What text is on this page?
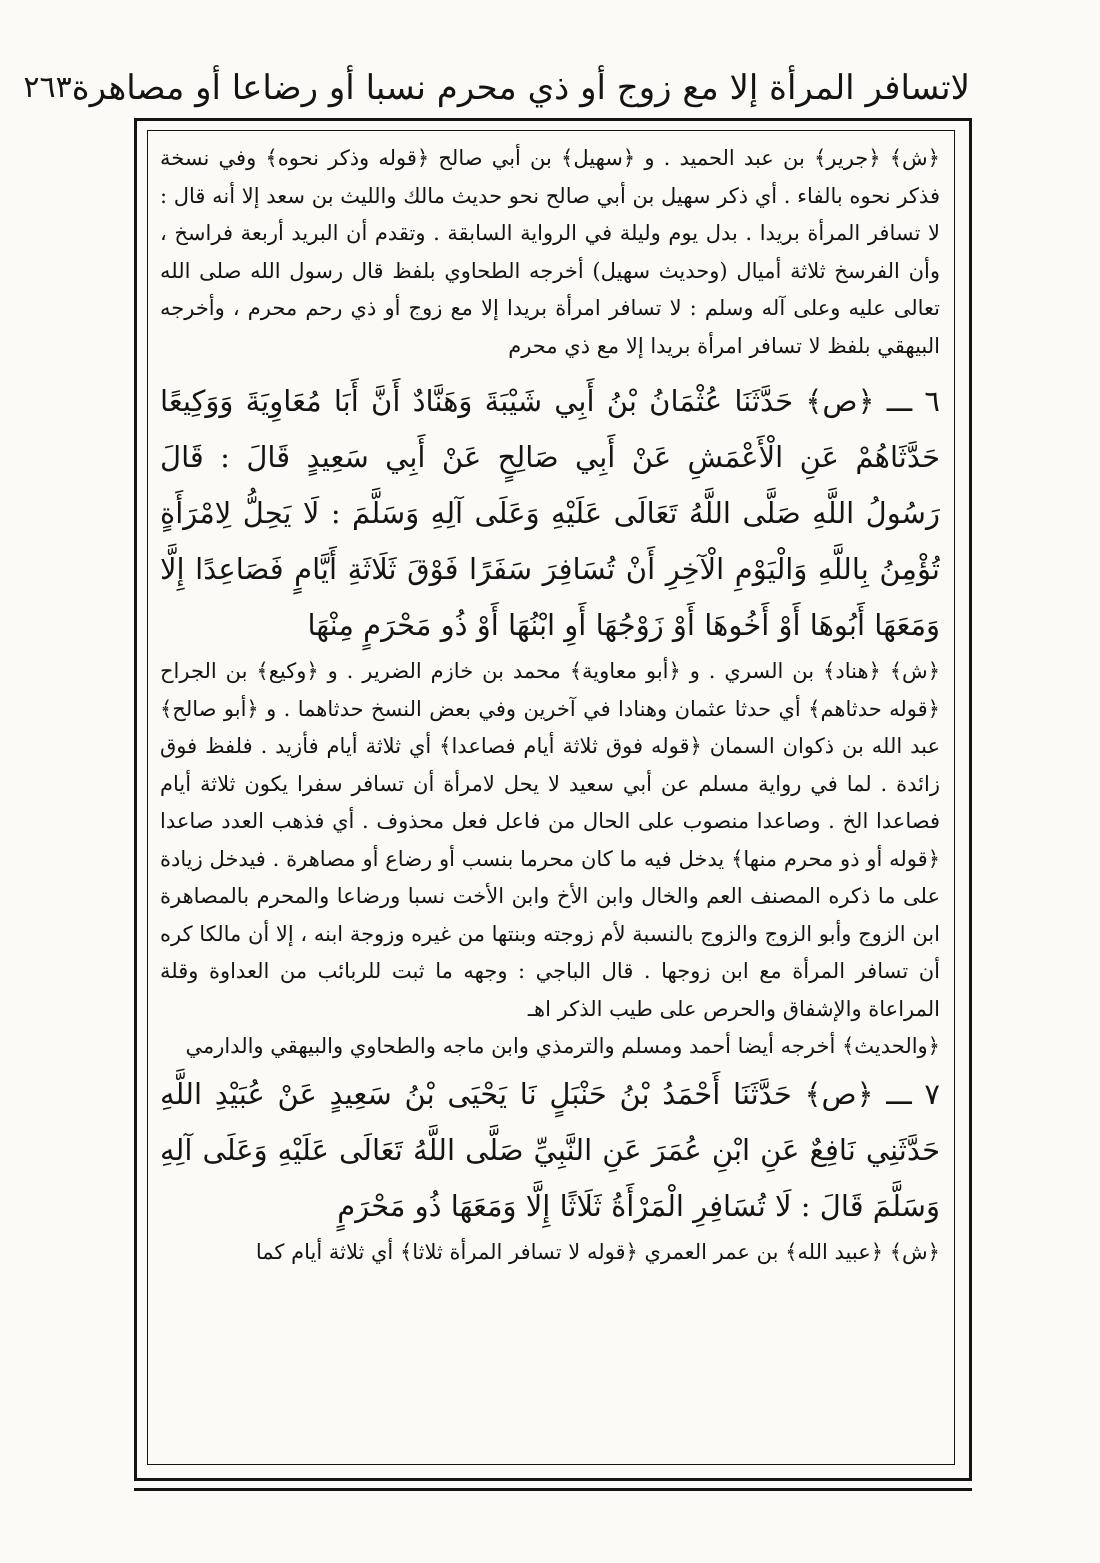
لاتسافر المرأة إلا مع زوج أو ذي محرم نسبا أو رضاعا أو مصاهرة
٢٦٣

﴿ش﴾ ﴿جرير﴾ بن عبد الحميد . و ﴿سهيل﴾ بن أبي صالح ﴿قوله وذكر نحوه﴾ وفي نسخة فذكر نحوه بالفاء . أي ذكر سهيل بن أبي صالح نحو حديث مالك والليث بن سعد إلا أنه قال : لا تسافر المرأة بريدا . بدل يوم وليلة في الرواية السابقة . وتقدم أن البريد أربعة فراسخ ، وأن الفرسخ ثلاثة أميال (وحديث سهيل) أخرجه الطحاوي بلفظ قال رسول الله صلى الله تعالى عليه وعلى آله وسلم : لا تسافر امرأة بريدا إلا مع زوج أو ذي رحم محرم ، وأخرجه البيهقي بلفظ لا تسافر امرأة بريدا إلا مع ذي محرم

٦ ـــ ﴿ص﴾ حَدَّثَنَا عُثْمَانُ بْنُ أَبِي شَيْبَةَ وَهَنَّادٌ أَنَّ أَبَا مُعَاوِيَةَ وَوَكِيعًا حَدَّثَاهُمْ عَنِ الْأَعْمَشِ عَنْ أَبِي صَالِحٍ عَنْ أَبِي سَعِيدٍ قَالَ : قَالَ رَسُولُ اللَّهِ صَلَّى اللَّهُ تَعَالَى عَلَيْهِ وَعَلَى آلِهِ وَسَلَّمَ : لَا يَحِلُّ لِامْرَأَةٍ تُؤْمِنُ بِاللَّهِ وَالْيَوْمِ الْآخِرِ أَنْ تُسَافِرَ سَفَرًا فَوْقَ ثَلَاثَةِ أَيَّامٍ فَصَاعِدًا إِلَّا وَمَعَهَا أَبُوهَا أَوْ أَخُوهَا أَوْ زَوْجُهَا أَوِ ابْنُهَا أَوْ ذُو مَحْرَمٍ مِنْهَا

﴿ش﴾ ﴿هناد﴾ بن السري . و ﴿أبو معاوية﴾ محمد بن خازم الضرير . و ﴿وكيع﴾ بن الجراح ﴿قوله حدثاهم﴾ أي حدثا عثمان وهنادا في آخرين وفي بعض النسخ حدثاهما . و ﴿أبو صالح﴾ عبد الله بن ذكوان السمان ﴿قوله فوق ثلاثة أيام فصاعدا﴾ أي ثلاثة أيام فأزيد . فلفظ فوق زائدة . لما في رواية مسلم عن أبي سعيد لا يحل لامرأة أن تسافر سفرا يكون ثلاثة أيام فصاعدا الخ . وصاعدا منصوب على الحال من فاعل فعل محذوف . أي فذهب العدد صاعدا ﴿قوله أو ذو محرم منها﴾ يدخل فيه ما كان محرما بنسب أو رضاع أو مصاهرة . فيدخل زيادة على ما ذكره المصنف العم والخال وابن الأخ وابن الأخت نسبا ورضاعا والمحرم بالمصاهرة ابن الزوج وأبو الزوج والزوج بالنسبة لأم زوجته وبنتها من غيره وزوجة ابنه ، إلا أن مالكا كره أن تسافر المرأة مع ابن زوجها . قال الباجي : وجهه ما ثبت للربائب من العداوة وقلة المراعاة والإشفاق والحرص على طيب الذكر اهـ

﴿والحديث﴾ أخرجه أيضا أحمد ومسلم والترمذي وابن ماجه والطحاوي والبيهقي والدارمي

٧ ـــ ﴿ص﴾ حَدَّثَنَا أَحْمَدُ بْنُ حَنْبَلٍ نَا يَحْيَى بْنُ سَعِيدٍ عَنْ عُبَيْدِ اللَّهِ حَدَّثَنِي نَافِعٌ عَنِ ابْنِ عُمَرَ عَنِ النَّبِيِّ صَلَّى اللَّهُ تَعَالَى عَلَيْهِ وَعَلَى آلِهِ وَسَلَّمَ قَالَ : لَا تُسَافِرِ الْمَرْأَةُ ثَلَاثًا إِلَّا وَمَعَهَا ذُو مَحْرَمٍ

﴿ش﴾ ﴿عبيد الله﴾ بن عمر العمري ﴿قوله لا تسافر المرأة ثلاثا﴾ أي ثلاثة أيام كما
